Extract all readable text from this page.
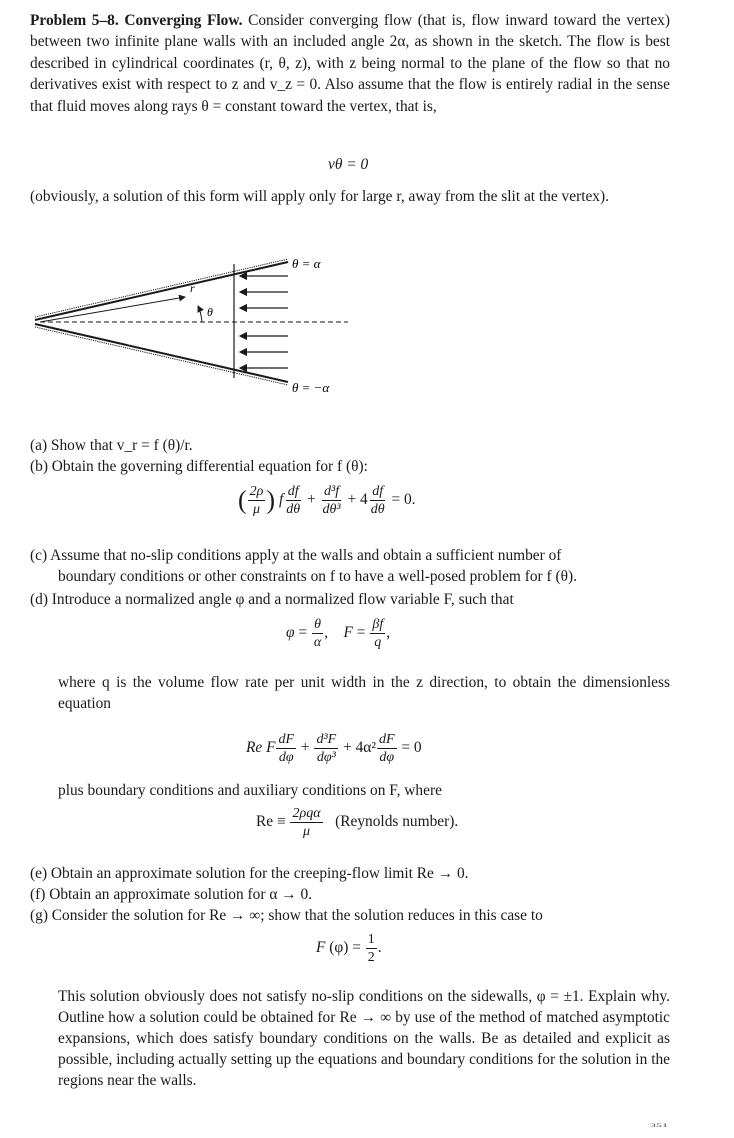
Problem 5–8. Converging Flow. Consider converging flow (that is, flow inward toward the vertex) between two infinite plane walls with an included angle 2α, as shown in the sketch. The flow is best described in cylindrical coordinates (r, θ, z), with z being normal to the plane of the flow so that no derivatives exist with respect to z and v_z = 0. Also assume that the flow is entirely radial in the sense that fluid moves along rays θ = constant toward the vertex, that is,
vθ = 0
(obviously, a solution of this form will apply only for large r, away from the slit at the vertex).
θ = α
θ = −α
r
θ
(a) Show that v_r = f (θ)/r.
(b) Obtain the governing differential equation for f (θ):
( $\frac{2\rho}{\mu}$ ) f $\frac{df}{d\theta} + \frac{\text{d³f}}{\text{dθ³}} + 4 \frac{df}{d\theta} = 0$.
(c) Assume that no-slip conditions apply at the walls and obtain a sufficient number of
boundary conditions or other constraints on f to have a well-posed problem for f (θ).
(d) Introduce a normalized angle φ and a normalized flow variable F, such that
$\varphi = \frac{\theta}{\alpha}$ , $F = \frac{\beta f}{q}$ ,
where q is the volume flow rate per unit width in the z direction, to obtain the dimensionless equation
Re F $\frac{dF}{d\varphi} + \frac{\text{d³F}}{\text{dφ³}} + 4\alpha^2 \frac{dF}{d\varphi} = 0$
plus boundary conditions and auxiliary conditions on F, where
$Re \equiv \frac{\text{2ρqα}}{\mu}$ (Reynolds number).
(e) Obtain an approximate solution for the creeping-flow limit Re → 0.
(f) Obtain an approximate solution for α → 0.
(g) Consider the solution for Re → ∞; show that the solution reduces in this case to
F $(\varphi) = \frac{1}{2}$ .
This solution obviously does not satisfy no-slip conditions on the sidewalls, φ = ±1. Explain why. Outline how a solution could be obtained for Re → ∞ by use of the method of matched asymptotic expansions, which does satisfy boundary conditions on the walls. Be as detailed and explicit as possible, including actually setting up the equations and boundary conditions for the solution in the regions near the walls.
351
